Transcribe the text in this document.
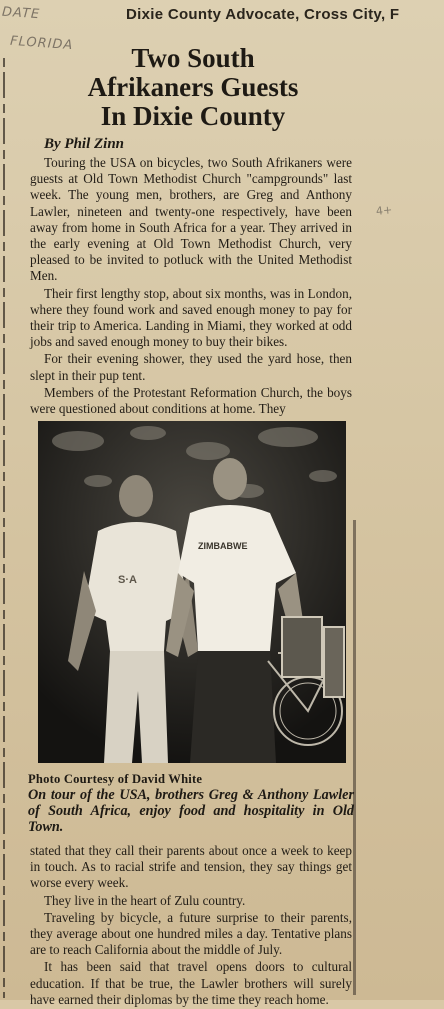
Dixie County Advocate, Cross City, F
DATE
FLORIDA
4+
Two South
Afrikaners Guests
In Dixie County
By Phil Zinn

Touring the USA on bicycles, two South Afrikaners were guests at Old Town Methodist Church "campgrounds" last week. The young men, brothers, are Greg and Anthony Lawler, nineteen and twenty-one respectively, have been away from home in South Africa for a year. They arrived in the early evening at Old Town Methodist Church, very pleased to be invited to potluck with the United Methodist Men.

Their first lengthy stop, about six months, was in London, where they found work and saved enough money to pay for their trip to America. Landing in Miami, they worked at odd jobs and saved enough money to buy their bikes.

For their evening shower, they used the yard hose, then slept in their pup tent.

Members of the Protestant Reformation Church, the boys were questioned about conditions at home. They

S·A
ZIMBABWE
Photo Courtesy of David White
On tour of the USA, brothers Greg & Anthony Lawler of South Africa, enjoy food and hospitality in Old Town.

stated that they call their parents about once a week to keep in touch. As to racial strife and tension, they say things get worse every week.

They live in the heart of Zulu country.

Traveling by bicycle, a future surprise to their parents, they average about one hundred miles a day. Tentative plans are to reach California about the middle of July.

It has been said that travel opens doors to cultural education. If that be true, the Lawler brothers will surely have earned their diplomas by the time they reach home.
